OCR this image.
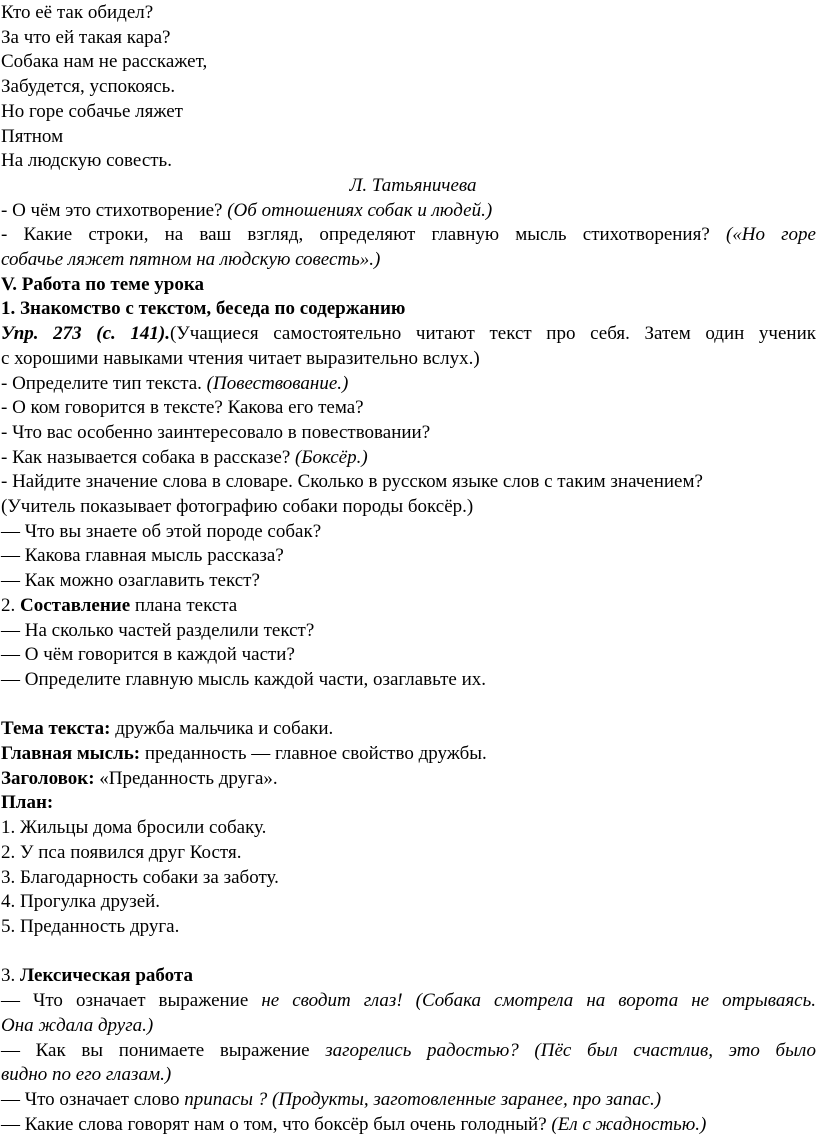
Кто её так обидел?

За что ей такая кара?

Собака нам не расскажет,

Забудется, успокоясь.

Но горе собачье ляжет

Пятном

На людскую совесть.

Л. Татьяничева

- О чём это стихотворение? (Об отношениях собак и людей.)

- Какие строки, на ваш взгляд, определяют главную мысль стихотворения? («Но горе

собачье ляжет пятном на людскую совесть».)

V. Работа по теме урока

1. Знакомство с текстом, беседа по содержанию

Упр. 273 (с. 141).(Учащиеся самостоятельно читают текст про себя. Затем один ученик

с хорошими навыками чтения читает выразительно вслух.)

- Определите тип текста. (Повествование.)

- О ком говорится в тексте? Какова его тема?

- Что вас особенно заинтересовало в повествовании?

- Как называется собака в рассказе? (Боксёр.)

- Найдите значение слова в словаре. Сколько в русском языке слов с таким значением?

(Учитель показывает фотографию собаки породы боксёр.)

— Что вы знаете об этой породе собак?

— Какова главная мысль рассказа?

— Как можно озаглавить текст?

2. Составление плана текста

— На сколько частей разделили текст?

— О чём говорится в каждой части?

— Определите главную мысль каждой части, озаглавьте их.

Тема текста: дружба мальчика и собаки.

Главная мысль: преданность — главное свойство дружбы.

Заголовок: «Преданность друга».

План:

1. Жильцы дома бросили собаку.

2. У пса появился друг Костя.

3. Благодарность собаки за заботу.

4. Прогулка друзей.

5. Преданность друга.

3. Лексическая работа

— Что означает выражение не сводит глаз! (Собака смотрела на ворота не отрываясь.

Она ждала друга.)

— Как вы понимаете выражение загорелись радостью? (Пёс был счастлив, это было

видно по его глазам.)

— Что означает слово припасы ? (Продукты, заготовленные заранее, про запас.)

— Какие слова говорят нам о том, что боксёр был очень голодный? (Ел с жадностью.)
